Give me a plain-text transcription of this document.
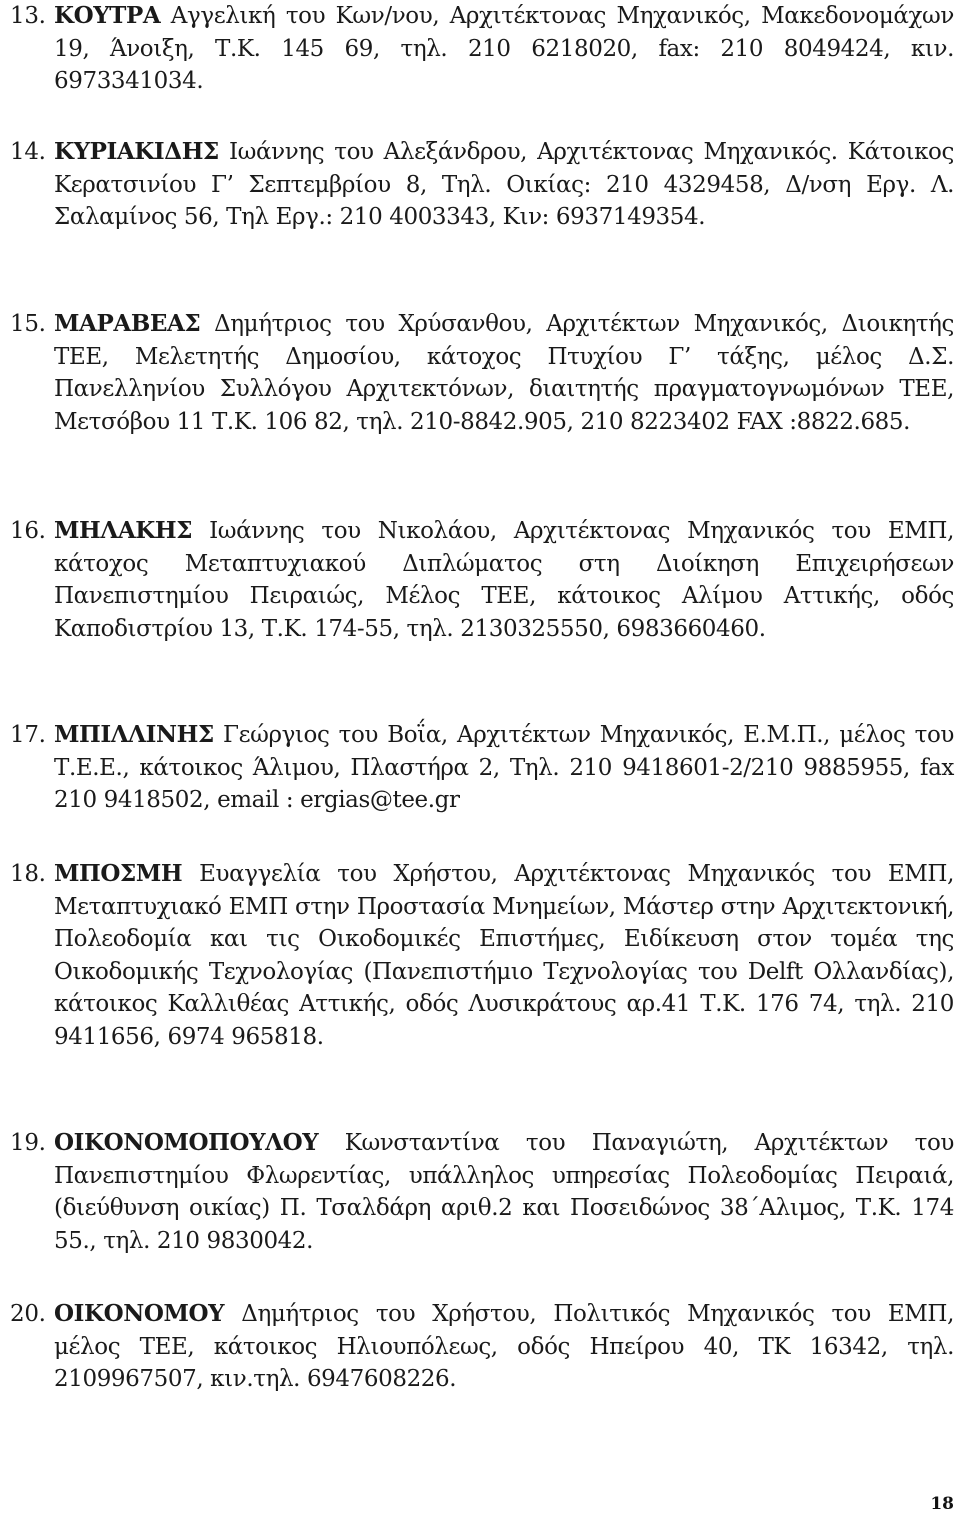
13. ΚΟΥΤΡΑ Αγγελική του Κων/νου, Αρχιτέκτονας Μηχανικός, Μακεδονομάχων 19, Άνοιξη, Τ.Κ. 145 69, τηλ. 210 6218020, fax: 210 8049424, κιν. 6973341034.
14. ΚΥΡΙΑΚΙΔΗΣ Ιωάννης του Αλεξάνδρου, Αρχιτέκτονας Μηχανικός. Κάτοικος Κερατσινίου Γ’ Σεπτεμβρίου 8, Τηλ. Οικίας: 210 4329458, Δ/νση Εργ. Λ. Σαλαμίνος 56, Τηλ Εργ.: 210 4003343, Κιν: 6937149354.
15. ΜΑΡΑΒΕΑΣ Δημήτριος του Χρύσανθου, Αρχιτέκτων Μηχανικός, Διοικητής ΤΕΕ, Μελετητής Δημοσίου, κάτοχος Πτυχίου Γ’ τάξης, μέλος Δ.Σ. Πανελληνίου Συλλόγου Αρχιτεκτόνων, διαιτητής πραγματογνωμόνων ΤΕΕ, Μετσόβου 11 Τ.Κ. 106 82, τηλ. 210-8842.905, 210 8223402 FAX :8822.685.
16. ΜΗΛΑΚΗΣ Ιωάννης του Νικολάου, Αρχιτέκτονας Μηχανικός του ΕΜΠ, κάτοχος Μεταπτυχιακού Διπλώματος στη Διοίκηση Επιχειρήσεων Πανεπιστημίου Πειραιώς, Μέλος ΤΕΕ, κάτοικος Αλίμου Αττικής, οδός Καποδιστρίου 13, Τ.Κ. 174-55, τηλ. 2130325550, 6983660460.
17. ΜΠΙΛΛΙΝΗΣ Γεώργιος του Βοΐα, Αρχιτέκτων Μηχανικός, Ε.Μ.Π., μέλος του Τ.Ε.Ε., κάτοικος Άλιμου, Πλαστήρα 2, Τηλ. 210 9418601-2/210 9885955, fax 210 9418502, email : ergias@tee.gr
18. ΜΠΟΣΜΗ Ευαγγελία του Χρήστου, Αρχιτέκτονας Μηχανικός του ΕΜΠ, Μεταπτυχιακό ΕΜΠ στην Προστασία Μνημείων, Μάστερ στην Αρχιτεκτονική, Πολεοδομία και τις Οικοδομικές Επιστήμες, Ειδίκευση στον τομέα της Οικοδομικής Τεχνολογίας (Πανεπιστήμιο Τεχνολογίας του Delft Ολλανδίας), κάτοικος Καλλιθέας Αττικής, οδός Λυσικράτους αρ.41 Τ.Κ. 176 74, τηλ. 210 9411656, 6974 965818.
19. ΟΙΚΟΝΟΜΟΠΟΥΛΟΥ Κωνσταντίνα του Παναγιώτη, Αρχιτέκτων του Πανεπιστημίου Φλωρεντίας, υπάλληλος υπηρεσίας Πολεοδομίας Πειραιά, (διεύθυνση οικίας) Π. Τσαλδάρη αριθ.2 και Ποσειδώνος 38΄Αλιμος, Τ.Κ. 174 55., τηλ. 210 9830042.
20. ΟΙΚΟΝΟΜΟΥ Δημήτριος του Χρήστου, Πολιτικός Μηχανικός του ΕΜΠ, μέλος ΤΕΕ, κάτοικος Ηλιουπόλεως, οδός Ηπείρου 40, ΤΚ 16342, τηλ. 2109967507, κιν.τηλ. 6947608226.
18
